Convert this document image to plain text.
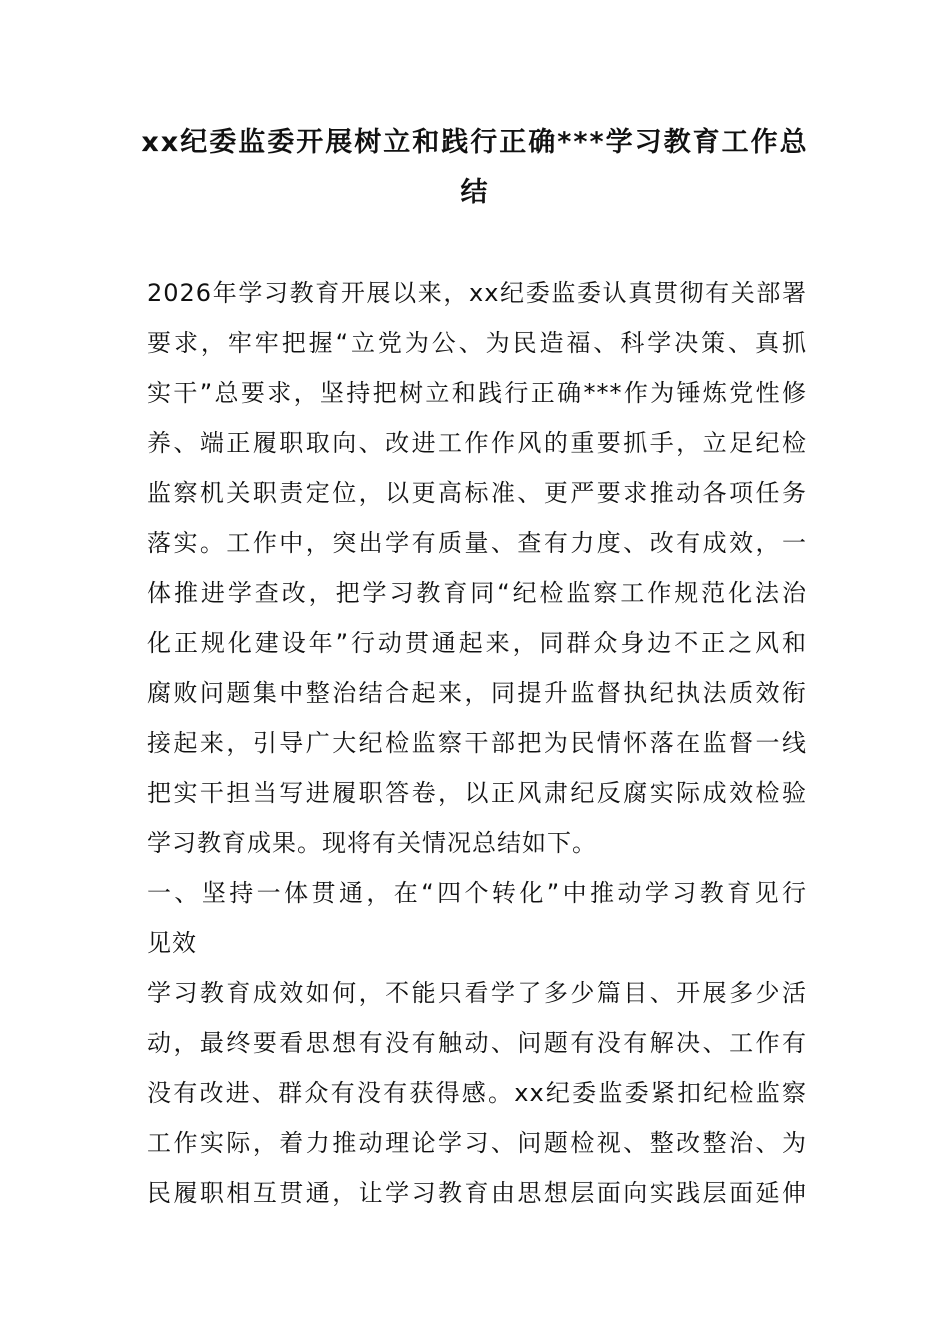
xx纪委监委开展树立和践行正确***学习教育工作总
结
2026年学习教育开展以来，xx纪委监委认真贯彻有关部署
要求，牢牢把握“立党为公、为民造福、科学决策、真抓
实干”总要求，坚持把树立和践行正确***作为锤炼党性修
养、端正履职取向、改进工作作风的重要抓手，立足纪检
监察机关职责定位，以更高标准、更严要求推动各项任务
落实。工作中，突出学有质量、查有力度、改有成效，一
体推进学查改，把学习教育同“纪检监察工作规范化法治
化正规化建设年”行动贯通起来，同群众身边不正之风和
腐败问题集中整治结合起来，同提升监督执纪执法质效衔
接起来，引导广大纪检监察干部把为民情怀落在监督一线
把实干担当写进履职答卷，以正风肃纪反腐实际成效检验
学习教育成果。现将有关情况总结如下。
一、坚持一体贯通，在“四个转化”中推动学习教育见行
见效
学习教育成效如何，不能只看学了多少篇目、开展多少活
动，最终要看思想有没有触动、问题有没有解决、工作有
没有改进、群众有没有获得感。xx纪委监委紧扣纪检监察
工作实际，着力推动理论学习、问题检视、整改整治、为
民履职相互贯通，让学习教育由思想层面向实践层面延伸
